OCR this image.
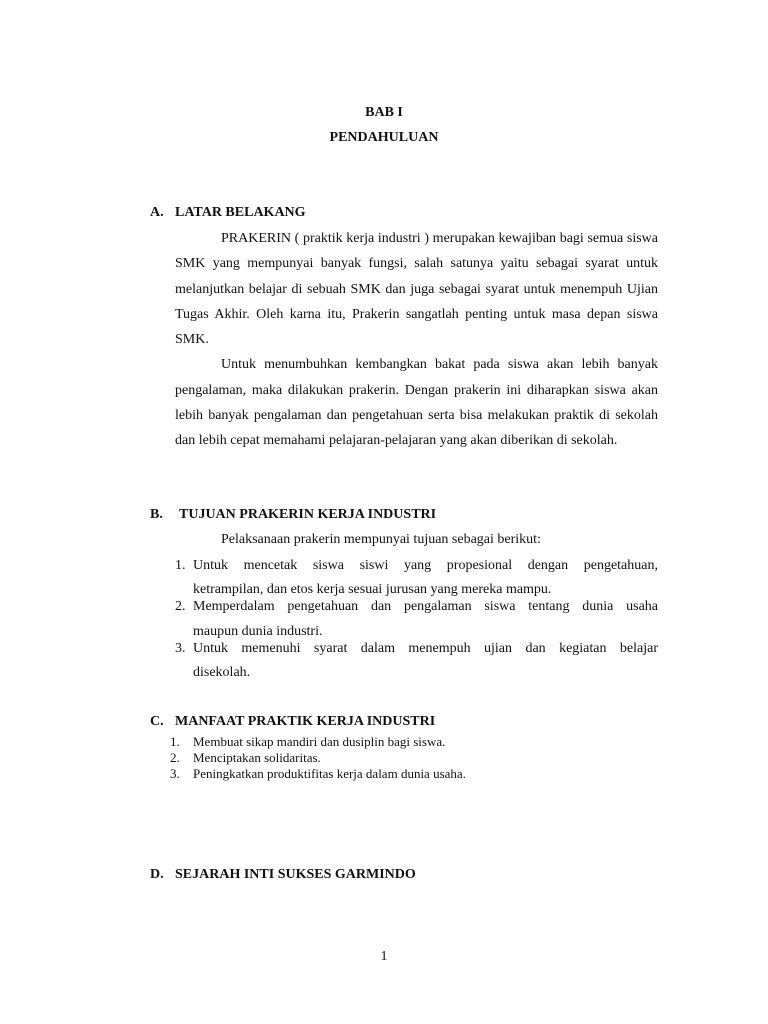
BAB I
PENDAHULUAN
A. LATAR BELAKANG

PRAKERIN ( praktik kerja industri ) merupakan kewajiban bagi semua siswa SMK yang mempunyai banyak fungsi, salah satunya yaitu sebagai syarat untuk melanjutkan belajar di sebuah SMK dan juga sebagai syarat untuk menempuh Ujian Tugas Akhir. Oleh karna itu, Prakerin sangatlah penting untuk masa depan siswa SMK.

Untuk menumbuhkan kembangkan bakat pada siswa akan lebih banyak pengalaman, maka dilakukan prakerin. Dengan prakerin ini diharapkan siswa akan lebih banyak pengalaman dan pengetahuan serta bisa melakukan praktik di sekolah dan lebih cepat memahami pelajaran-pelajaran yang akan diberikan di sekolah.

B. TUJUAN PRAKERIN KERJA INDUSTRI
Pelaksanaan prakerin mempunyai tujuan sebagai berikut:
1. Untuk mencetak siswa siswi yang propesional dengan pengetahuan,
ketrampilan, dan etos kerja sesuai jurusan yang mereka mampu.
2. Memperdalam pengetahuan dan pengalaman siswa tentang dunia usaha
maupun dunia industri.
3. Untuk memenuhi syarat dalam menempuh ujian dan kegiatan belajar
disekolah.
C. MANFAAT PRAKTIK KERJA INDUSTRI
1. Membuat sikap mandiri dan dusiplin bagi siswa.
2. Menciptakan solidaritas.
3. Peningkatkan produktifitas kerja dalam dunia usaha.
D. SEJARAH INTI SUKSES GARMINDO
1
